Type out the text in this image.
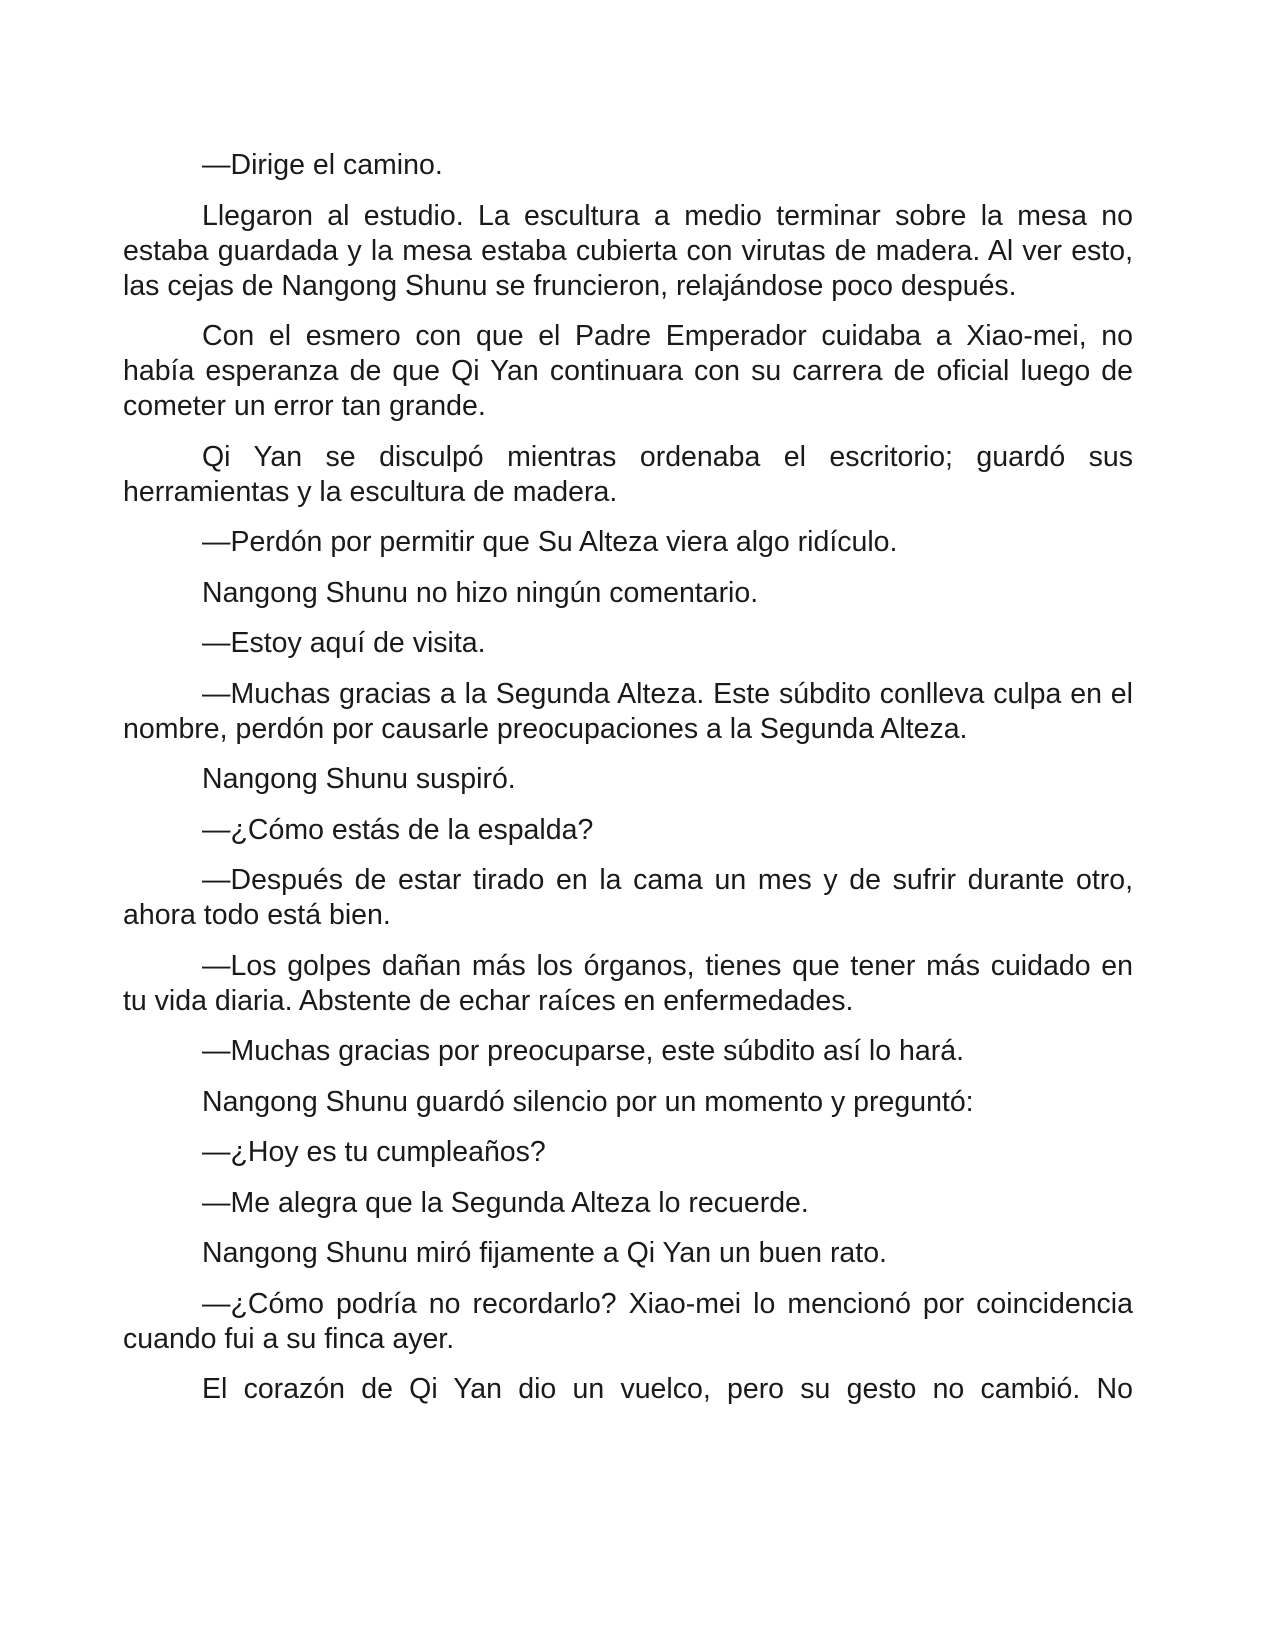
—Dirige el camino.

Llegaron al estudio. La escultura a medio terminar sobre la mesa no estaba guardada y la mesa estaba cubierta con virutas de madera. Al ver esto, las cejas de Nangong Shunu se fruncieron, relajándose poco después.

Con el esmero con que el Padre Emperador cuidaba a Xiao-mei, no había esperanza de que Qi Yan continuara con su carrera de oficial luego de cometer un error tan grande.

Qi Yan se disculpó mientras ordenaba el escritorio; guardó sus herramientas y la escultura de madera.

—Perdón por permitir que Su Alteza viera algo ridículo.

Nangong Shunu no hizo ningún comentario.

—Estoy aquí de visita.

—Muchas gracias a la Segunda Alteza. Este súbdito conlleva culpa en el nombre, perdón por causarle preocupaciones a la Segunda Alteza.

Nangong Shunu suspiró.

—¿Cómo estás de la espalda?

—Después de estar tirado en la cama un mes y de sufrir durante otro, ahora todo está bien.

—Los golpes dañan más los órganos, tienes que tener más cuidado en tu vida diaria. Abstente de echar raíces en enfermedades.

—Muchas gracias por preocuparse, este súbdito así lo hará.

Nangong Shunu guardó silencio por un momento y preguntó:

—¿Hoy es tu cumpleaños?

—Me alegra que la Segunda Alteza lo recuerde.

Nangong Shunu miró fijamente a Qi Yan un buen rato.

—¿Cómo podría no recordarlo? Xiao-mei lo mencionó por coincidencia cuando fui a su finca ayer.

El corazón de Qi Yan dio un vuelco, pero su gesto no cambió. No
